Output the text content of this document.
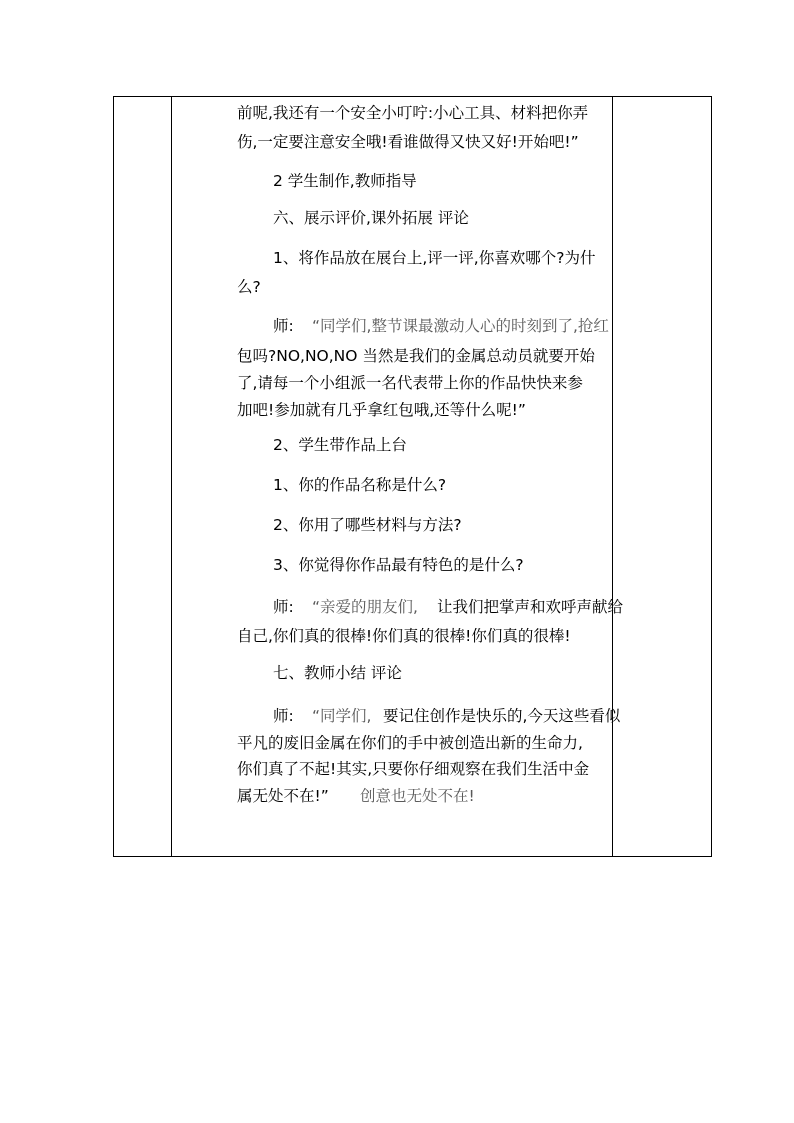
前呢,我还有一个安全小叮咛:小心工具、材料把你弄
伤,一定要注意安全哦!看谁做得又快又好!开始吧!”
2 学生制作,教师指导
六、展示评价,课外拓展 评论
1、将作品放在展台上,评一评,你喜欢哪个?为什
么?
师: “同学们,整节课最激动人心的时刻到了,抢红
包吗?NO,NO,NO 当然是我们的金属总动员就要开始
了,请每一个小组派一名代表带上你的作品快快来参
加吧!参加就有几乎拿红包哦,还等什么呢!”
2、学生带作品上台
1、你的作品名称是什么?
2、你用了哪些材料与方法?
3、你觉得你作品最有特色的是什么?
师: “亲爱的朋友们, 让我们把掌声和欢呼声献给
自己,你们真的很棒!你们真的很棒!你们真的很棒!
七、教师小结 评论
师: “同学们, 要记住创作是快乐的,今天这些看似
平凡的废旧金属在你们的手中被创造出新的生命力,
你们真了不起!其实,只要你仔细观察在我们生活中金
属无处不在!” 创意也无处不在!
